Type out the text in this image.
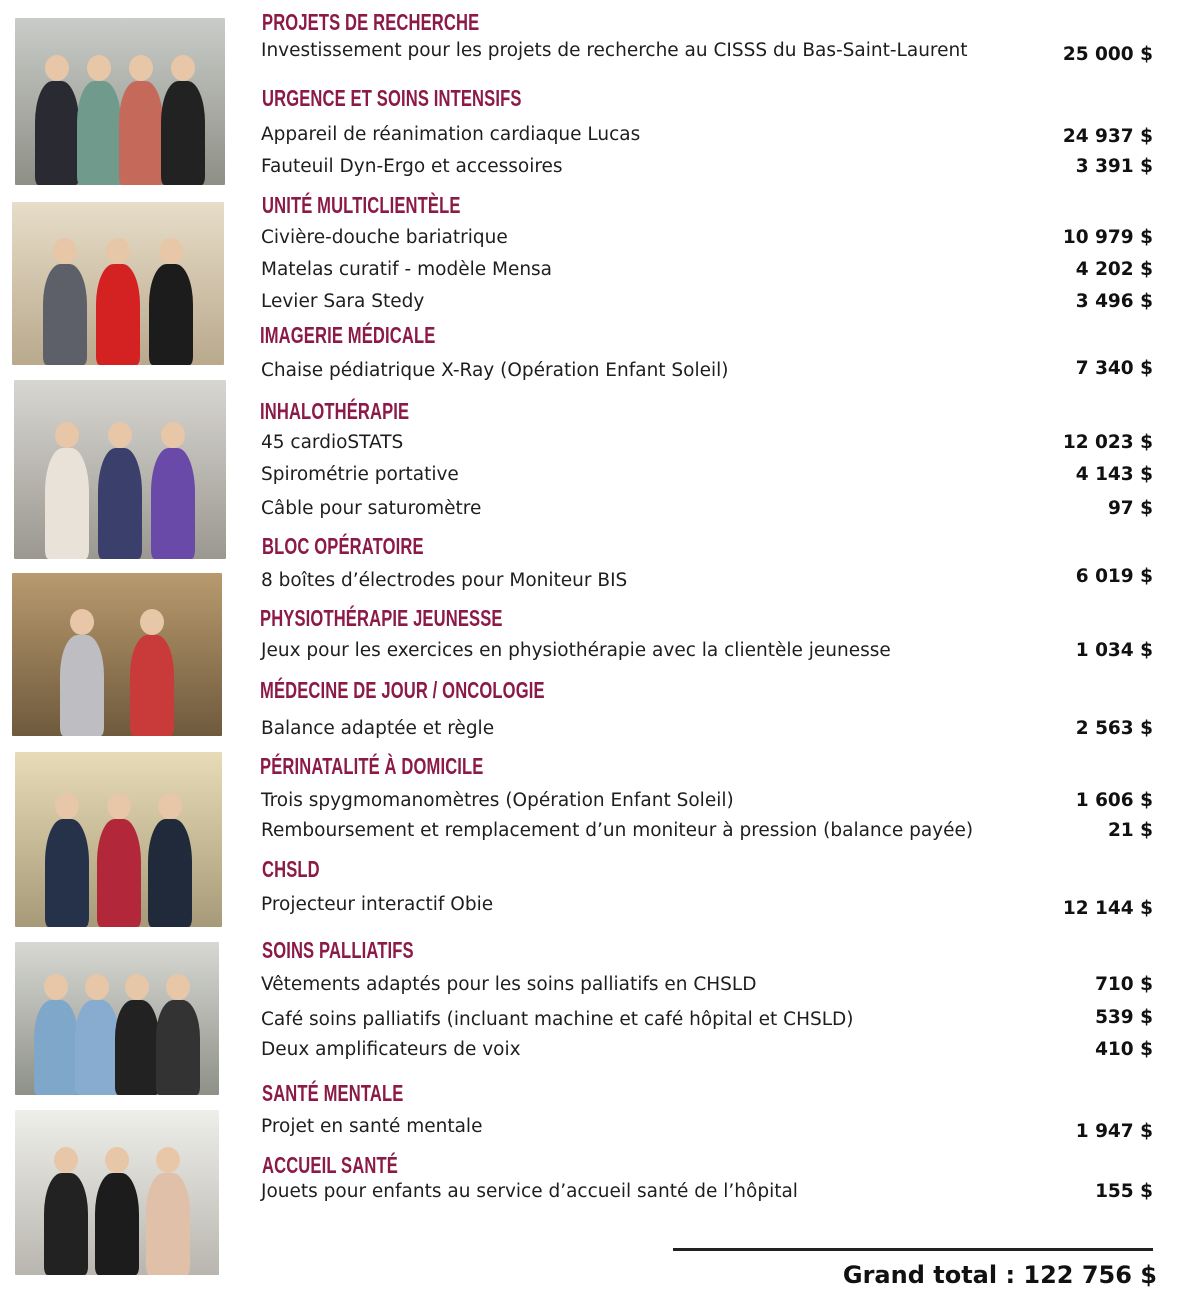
PROJETS DE RECHERCHE
Investissement pour les projets de recherche au CISSS du Bas-Saint-Laurent	25 000 $
URGENCE ET SOINS INTENSIFS
Appareil de réanimation cardiaque Lucas	24 937 $
Fauteuil Dyn-Ergo et accessoires	3 391 $
UNITÉ MULTICLIENTÈLE
Civière-douche bariatrique	10 979 $
Matelas curatif - modèle Mensa	4 202 $
Levier Sara Stedy	3 496 $
IMAGERIE MÉDICALE
Chaise pédiatrique X-Ray (Opération Enfant Soleil)	7 340 $
INHALOTHÉRAPIE
45 cardioSTATS	12 023 $
Spirométrie portative	4 143 $
Câble pour saturomètre	97 $
BLOC OPÉRATOIRE
8 boîtes d’électrodes pour Moniteur BIS	6 019 $
PHYSIOTHÉRAPIE JEUNESSE
Jeux pour les exercices en physiothérapie avec la clientèle jeunesse	1 034 $
MÉDECINE DE JOUR / ONCOLOGIE
Balance adaptée et règle	2 563 $
PÉRINATALITÉ À DOMICILE
Trois spygmomanomètres (Opération Enfant Soleil)	1 606 $
Remboursement et remplacement d’un moniteur à pression (balance payée)	21 $
CHSLD
Projecteur interactif Obie	12 144 $
SOINS PALLIATIFS
Vêtements adaptés pour les soins palliatifs en CHSLD	710 $
Café soins palliatifs (incluant machine et café hôpital et CHSLD)	539 $
Deux amplificateurs de voix	410 $
SANTÉ MENTALE
Projet en santé mentale	1 947 $
ACCUEIL SANTÉ
Jouets pour enfants au service d’accueil santé de l’hôpital	155 $
Grand total : 122 756 $
